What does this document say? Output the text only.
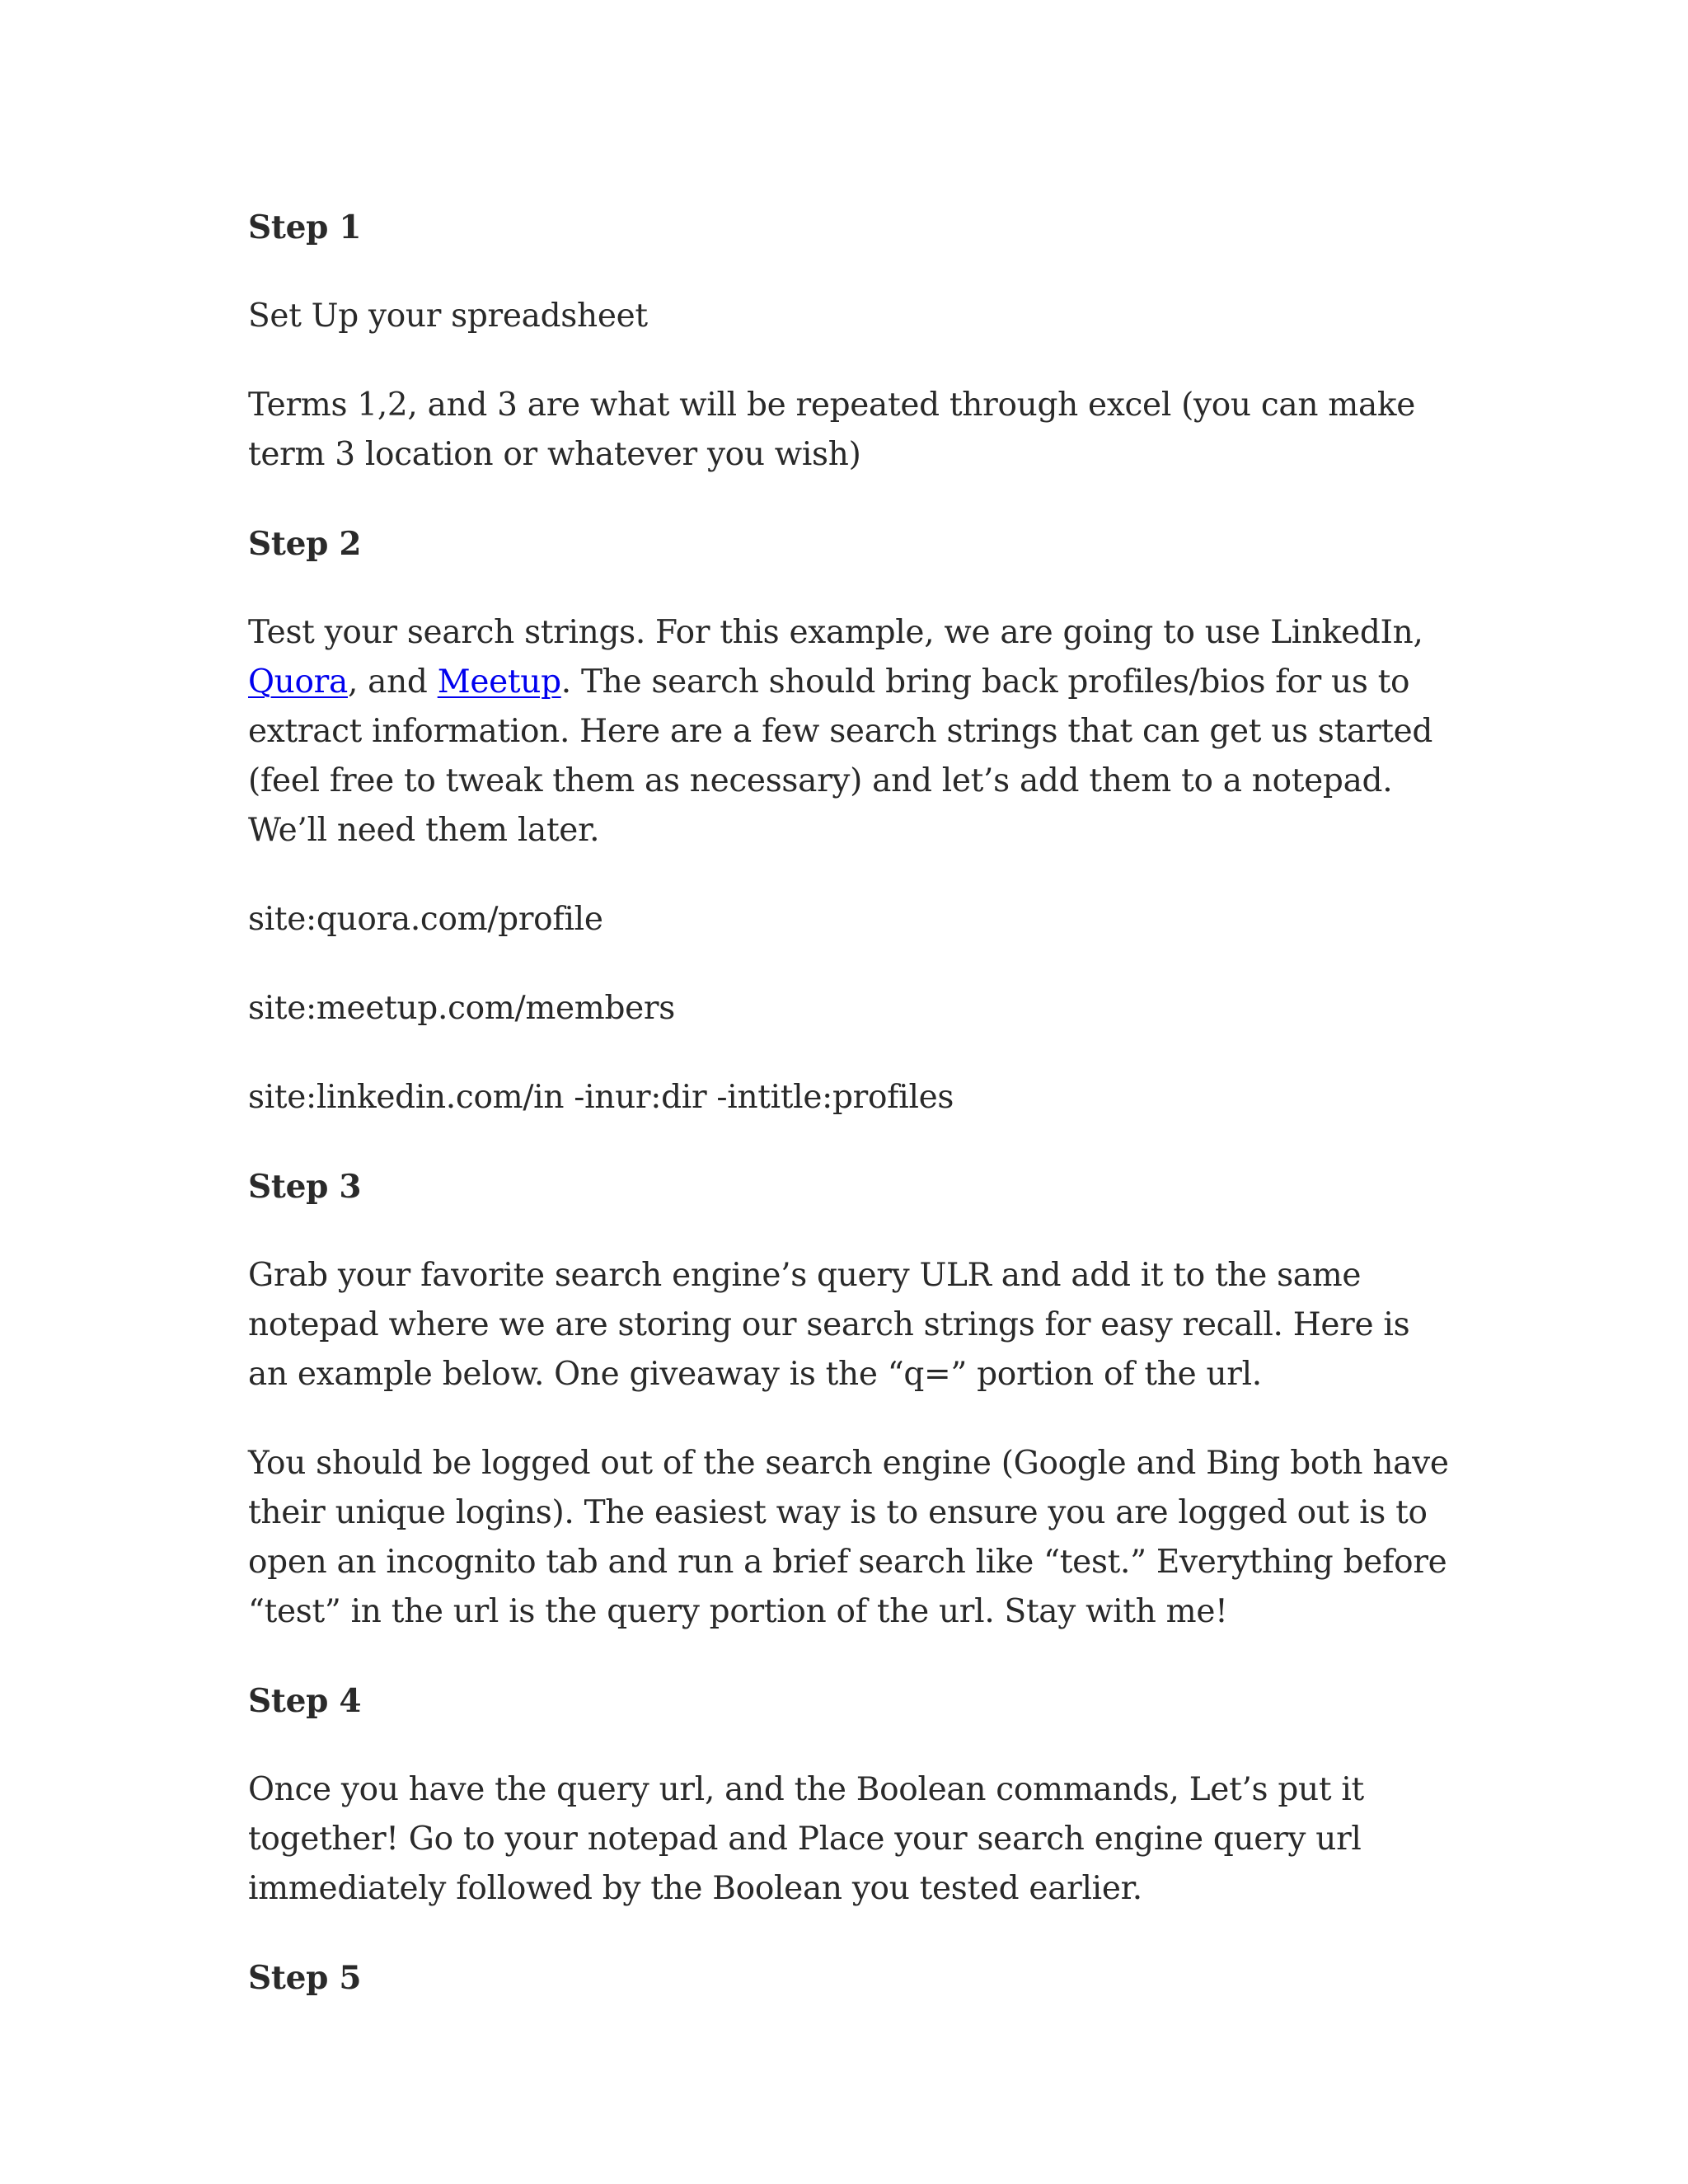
Step 1

Set Up your spreadsheet

Terms 1,2, and 3 are what will be repeated through excel (you can make term 3 location or whatever you wish)

Step 2

Test your search strings. For this example, we are going to use LinkedIn, Quora, and Meetup. The search should bring back profiles/bios for us to extract information. Here are a few search strings that can get us started (feel free to tweak them as necessary) and let’s add them to a notepad. We’ll need them later.

site:quora.com/profile

site:meetup.com/members

site:linkedin.com/in -inur:dir -intitle:profiles

Step 3

Grab your favorite search engine’s query ULR and add it to the same notepad where we are storing our search strings for easy recall. Here is an example below. One giveaway is the “q=” portion of the url.

You should be logged out of the search engine (Google and Bing both have their unique logins). The easiest way is to ensure you are logged out is to open an incognito tab and run a brief search like “test.” Everything before “test” in the url is the query portion of the url. Stay with me!

Step 4

Once you have the query url, and the Boolean commands, Let’s put it together! Go to your notepad and Place your search engine query url immediately followed by the Boolean you tested earlier.

Step 5
